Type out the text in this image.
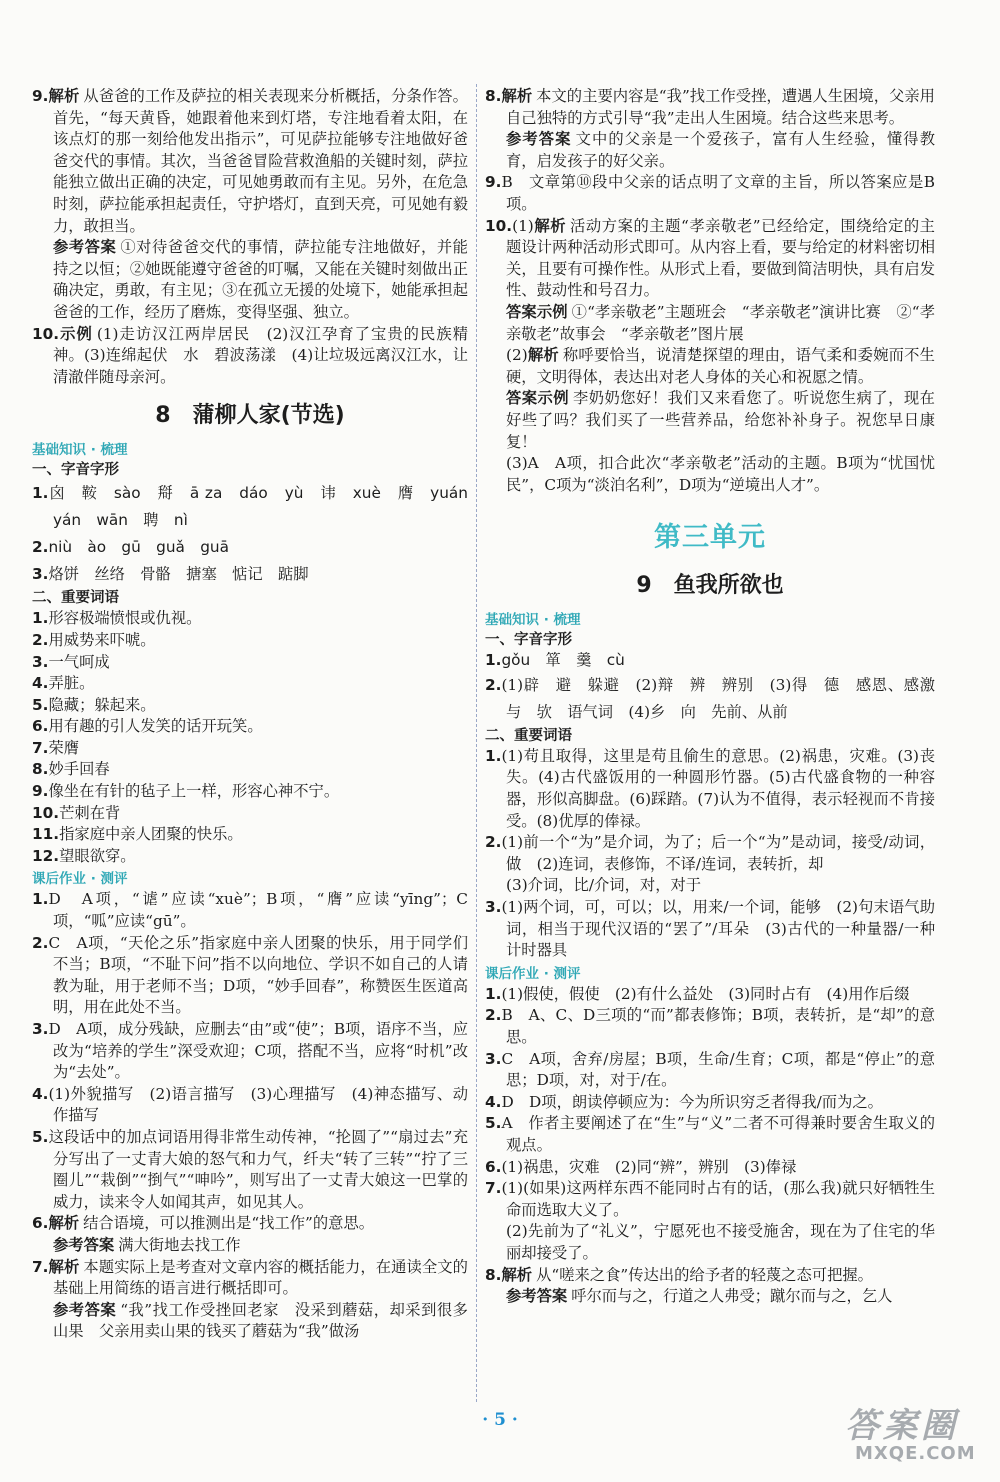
9.解析 从爸爸的工作及萨拉的相关表现来分析概括，分条作答。首先，“每天黄昏，她跟着他来到灯塔，专注地看着太阳，在该点灯的那一刻给他发出指示”，可见萨拉能够专注地做好爸爸交代的事情。其次，当爸爸冒险营救渔船的关键时刻，萨拉能独立做出正确的决定，可见她勇敢而有主见。另外，在危急时刻，萨拉能承担起责任，守护塔灯，直到天亮，可见她有毅力，敢担当。

参考答案 ①对待爸爸交代的事情，萨拉能专注地做好，并能持之以恒；②她既能遵守爸爸的叮嘱，又能在关键时刻做出正确决定，勇敢，有主见；③在孤立无援的处境下，她能承担起爸爸的工作，经历了磨炼，变得坚强、独立。

10.示例 (1)走访汉江两岸居民　(2)汉江孕育了宝贵的民族精神。(3)连绵起伏　水　碧波荡漾　(4)让垃圾远离汉江水，让清澈伴随母亲河。

8　蒲柳人家(节选)
基础知识 · 梳理
一、字音字形

1.囟　鞍　sào　搿　ā za　dáo　yù　讳　xuè　膺　yuán　yán　wān　聘　nì

2.niù　ào　gū　guǎ　guā

3.烙饼　丝络　骨骼　搪塞　惦记　踮脚

二、重要词语

1.形容极端愤恨或仇视。

2.用威势来吓唬。

3.一气呵成

4.弄脏。

5.隐藏；躲起来。

6.用有趣的引人发笑的话开玩笑。

7.荣膺

8.妙手回春

9.像坐在有针的毡子上一样，形容心神不宁。

10.芒刺在背

11.指家庭中亲人团聚的快乐。

12.望眼欲穿。

课后作业 · 测评

1.D　A项，“谑”应读“xuè”；B项，“膺”应读“yīng”；C项，“呱”应读“gū”。

2.C　A项，“天伦之乐”指家庭中亲人团聚的快乐，用于同学们不当；B项，“不耻下问”指不以向地位、学识不如自己的人请教为耻，用于老师不当；D项，“妙手回春”，称赞医生医道高明，用在此处不当。

3.D　A项，成分残缺，应删去“由”或“使”；B项，语序不当，应改为“培养的学生”深受欢迎；C项，搭配不当，应将“时机”改为“去处”。

4.(1)外貌描写　(2)语言描写　(3)心理描写　(4)神态描写、动作描写

5.这段话中的加点词语用得非常生动传神，“抡圆了”“扇过去”充分写出了一丈青大娘的怒气和力气，纤夫“转了三转”“拧了三圈儿”“栽倒”“捯气”“呻吟”，则写出了一丈青大娘这一巴掌的威力，读来令人如闻其声，如见其人。

6.解析 结合语境，可以推测出是“找工作”的意思。

参考答案 满大街地去找工作

7.解析 本题实际上是考查对文章内容的概括能力，在通读全文的基础上用简练的语言进行概括即可。

参考答案 “我”找工作受挫回老家　没采到蘑菇，却采到很多山果　父亲用卖山果的钱买了蘑菇为“我”做汤

8.解析 本文的主要内容是“我”找工作受挫，遭遇人生困境，父亲用自己独特的方式引导“我”走出人生困境。结合这些来思考。

参考答案 文中的父亲是一个爱孩子，富有人生经验，懂得教育，启发孩子的好父亲。

9.B　文章第⑩段中父亲的话点明了文章的主旨，所以答案应是B项。

10.(1)解析 活动方案的主题“孝亲敬老”已经给定，围绕给定的主题设计两种活动形式即可。从内容上看，要与给定的材料密切相关，且要有可操作性。从形式上看，要做到简洁明快，具有启发性、鼓动性和号召力。

答案示例 ①“孝亲敬老”主题班会　“孝亲敬老”演讲比赛　②“孝亲敬老”故事会　“孝亲敬老”图片展

(2)解析 称呼要恰当，说清楚探望的理由，语气柔和委婉而不生硬，文明得体，表达出对老人身体的关心和祝愿之情。

答案示例 李奶奶您好！我们又来看您了。听说您生病了，现在好些了吗？我们买了一些营养品，给您补补身子。祝您早日康复！

(3)A　A项，扣合此次“孝亲敬老”活动的主题。B项为“忧国忧民”，C项为“淡泊名利”，D项为“逆境出人才”。

第三单元
9　鱼我所欲也
基础知识 · 梳理
一、字音字形

1.gǒu　箪　羹　cù

2.(1)辟　避　躲避　(2)辩　辨　辨别　(3)得　德　感恩、感激　与　欤　语气词　(4)乡　向　先前、从前

二、重要词语

1.(1)苟且取得，这里是苟且偷生的意思。(2)祸患，灾难。(3)丧失。(4)古代盛饭用的一种圆形竹器。(5)古代盛食物的一种容器，形似高脚盘。(6)踩踏。(7)认为不值得，表示轻视而不肯接受。(8)优厚的俸禄。

2.(1)前一个“为”是介词，为了；后一个“为”是动词，接受/动词，做　(2)连词，表修饰，不译/连词，表转折，却

(3)介词，比/介词，对，对于

3.(1)两个词，可，可以；以，用来/一个词，能够　(2)句末语气助词，相当于现代汉语的“罢了”/耳朵　(3)古代的一种量器/一种计时器具

课后作业 · 测评

1.(1)假使，假使　(2)有什么益处　(3)同时占有　(4)用作后缀

2.B　A、C、D三项的“而”都表修饰；B项，表转折，是“却”的意思。

3.C　A项，舍弃/房屋；B项，生命/生育；C项，都是“停止”的意思；D项，对，对于/在。

4.D　D项，朗读停顿应为：今为所识穷乏者得我/而为之。

5.A　作者主要阐述了在“生”与“义”二者不可得兼时要舍生取义的观点。

6.(1)祸患，灾难　(2)同“辨”，辨别　(3)俸禄

7.(1)(如果)这两样东西不能同时占有的话，(那么我)就只好牺牲生命而选取大义了。

(2)先前为了“礼义”，宁愿死也不接受施舍，现在为了住宅的华丽却接受了。

8.解析 从“嗟来之食”传达出的给予者的轻蔑之态可把握。

参考答案 呼尔而与之，行道之人弗受；蹴尔而与之，乞人

· 5 ·	答案圈
MXQE.COM
